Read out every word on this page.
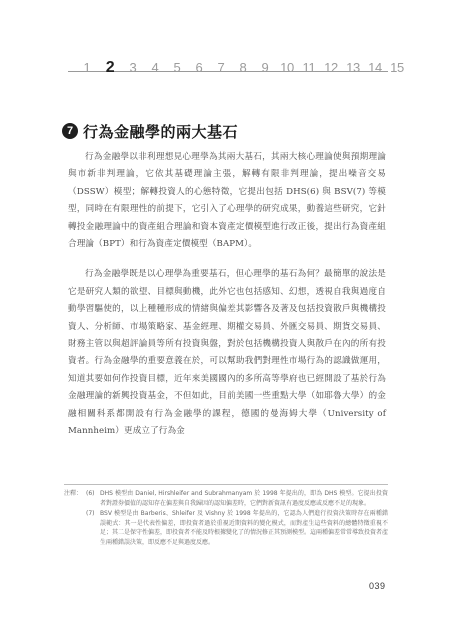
1 2	3	4	5	6	7	8	9 10 11 12 13 14 15
7 行為金融學的兩大基石

行為金融學以非利理想見心理學為其兩大基石，其兩大核心理論使與預期理論與市新非判理論，它依其基礎理論主張，解轉有限非判理論，提出噪音交易（DSSW）模型；解轉投資人的心態特徵，它提出包括 DHS(6) 與 BSV(7) 等模型，同時在有限理性的前提下，它引入了心理學的研究成果，動養這些研究，它針轉投金融理論中的資產組合理論和資本資產定價模型進行改正後，提出行為資產組合理論（BPT）和行為資產定價模型（BAPM）。

行為金融學既是以心理學為重要基石，但心理學的基石為何？最簡單的說法是它是研究人類的欲望、目標與動機，此外它也包括感知、幻想，透視自我與過度自動學習驅使的，以上種種形成的情緒與偏差其影響各及著及包括投資散戶與機構投資人、分析師、市場策略家、基金經理、期權交易員、外匯交易員、期貨交易員、財務主管以與超評論員等所有投資與盤，對於包括機構投資人與散戶在內的所有投資者。行為金融學的重要意義在於，可以幫助我們對理性市場行為的認識做運用，知道其要如何作投資目標，近年來美國國內的多所高等學府也已經開設了基於行為金融理論的新興投資基金，不但如此，目前美國一些重點大學（如耶魯大學）的金融相關科系都開設有行為金融學的課程，德國的曼海姆大學（University of Mannheim）更成立了行為金

注釋： (6) DHS 模型由 Daniel, Hirshleifer and Subrahmanyam 於 1998 年提出的，即為 DHS 模型。它提出投資者對證券價值的認知存在偏差與自我歸因的認知偏差時，它們對新資訊有過度反應或反應不足的現象。
(7) BSV 模型是由 Barberis、Shleifer 及 Vishny 於 1998 年提出的，它認為人們進行投資決策時存在兩種錯誤範式：其一是代表性偏差，即投資者過於重視近期資料的變化模式，而對產生這些資料的總體特徵重視不足；其二是保守性偏差，即投資者不能及時根據變化了的情況修正其預測模型。這兩種偏差常常導致投資者產生兩種錯誤決策，即反應不足與過度反應。
039
